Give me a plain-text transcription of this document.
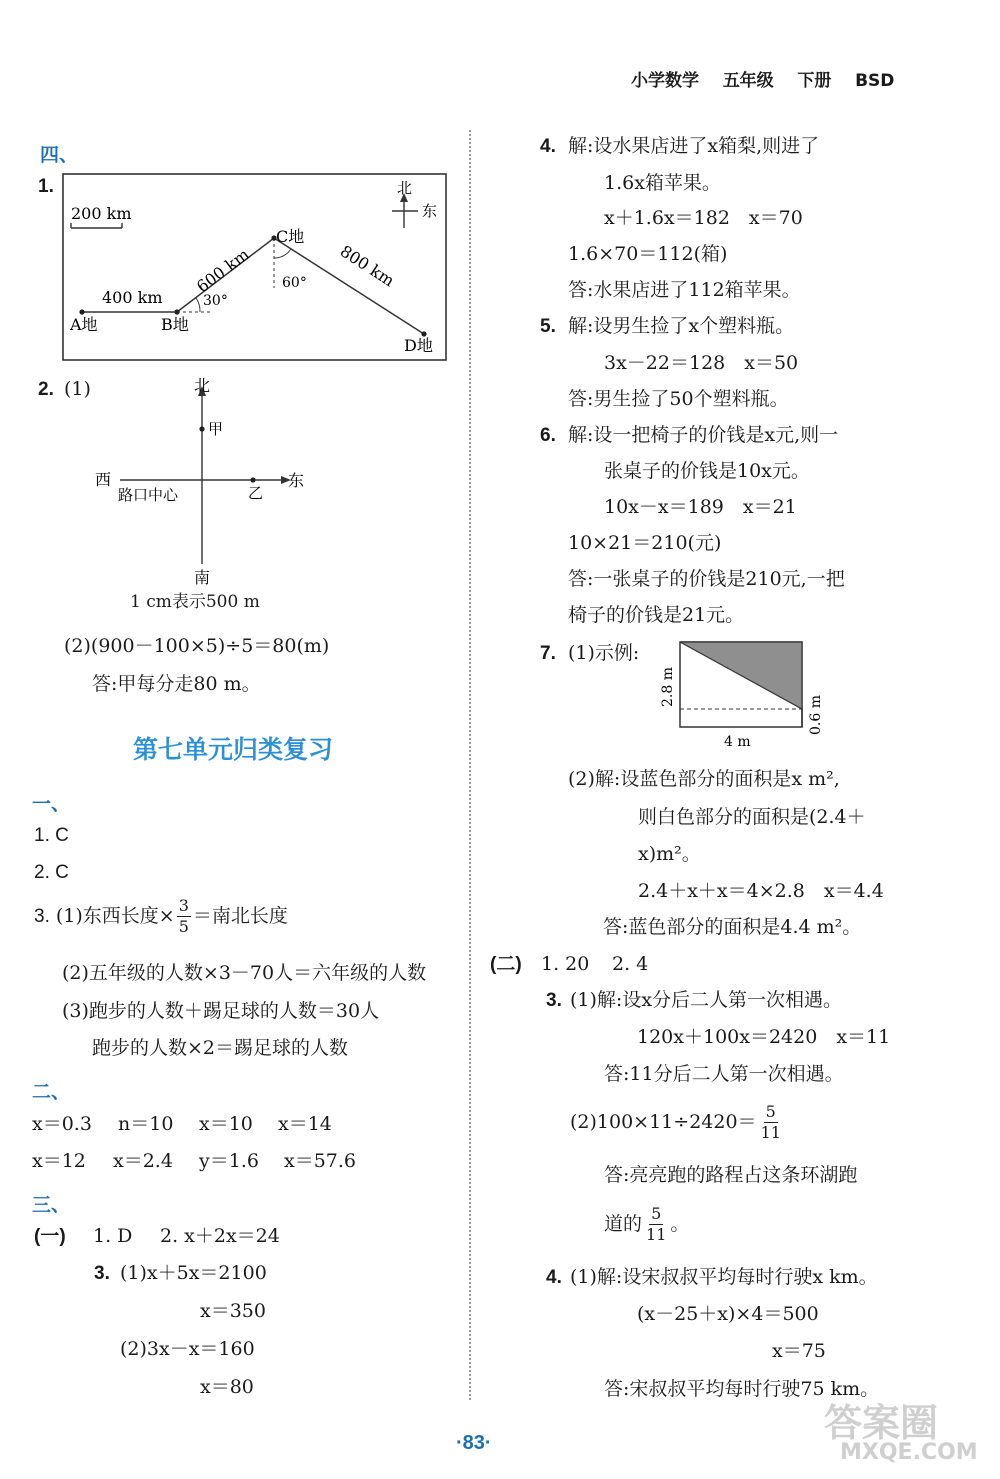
小学数学 五年级 下册 BSD
四、
1.
200 km
北
东
400 km
600 km	800 km
30°
60°
A地	B地
C地
D地
2. (1)	北
南
西	东
甲
乙
路口中心
1 cm表示500 m
(2)(900－100×5)÷5＝80(m)
答:甲每分走80 m。
第七单元归类复习
一、
1. C
2. C
3. (1)东西长度× $\frac{3}{5}$ ＝南北长度
(2)五年级的人数×3－70人＝六年级的人数
(3)跑步的人数＋踢足球的人数＝30人
跑步的人数×2＝踢足球的人数
二、
x＝0.3 n＝10 x＝10 x＝14
x＝12 x＝2.4 y＝1.6 x＝57.6
三、
(一) 1. D 2. x＋2x＝24
3. (1)x＋5x＝2100
x＝350
(2)3x－x＝160
x＝80
4. 解:设水果店进了x箱梨,则进了
1.6x箱苹果。
x＋1.6x＝182　x＝70
1.6×70＝112(箱)
答:水果店进了112箱苹果。
5. 解:设男生捡了x个塑料瓶。
3x－22＝128　x＝50
答:男生捡了50个塑料瓶。
6. 解:设一把椅子的价钱是x元,则一
张桌子的价钱是10x元。
10x－x＝189　x＝21
10×21＝210(元)
答:一张桌子的价钱是210元,一把
椅子的价钱是21元。
7. (1)示例:
2.8 m
0.6 m
4 m
(2)解:设蓝色部分的面积是x m²,
则白色部分的面积是(2.4＋
x)m²。
2.4＋x＋x＝4×2.8　x＝4.4
答:蓝色部分的面积是4.4 m²。
(二) 1. 20 2. 4
3. (1)解:设x分后二人第一次相遇。
120x＋100x＝2420　x＝11
答:11分后二人第一次相遇。
$(2)100\times 11\div 2420= \frac{5}{11}$
答:亮亮跑的路程占这条环湖跑
道的 $\frac{5}{11}$ 。
4. (1)解:设宋叔叔平均每时行驶x km。
(x－25＋x)×4＝500
x＝75
答:宋叔叔平均每时行驶75 km。
·83·	答案圈
MXQE.COM
